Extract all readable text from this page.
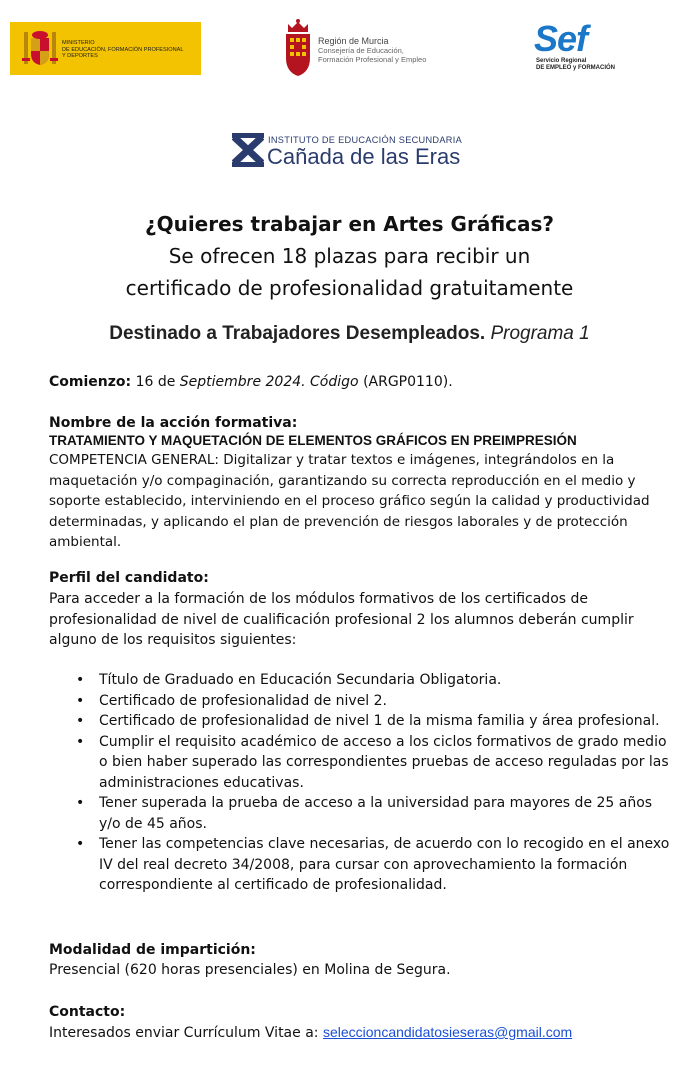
MINISTERIO
DE EDUCACIÓN, FORMACIÓN PROFESIONAL
Y DEPORTES
Región de Murcia
Consejería de Educación,
Formación Profesional y Empleo
Sef
Servicio Regional
DE EMPLEO y FORMACIÓN
INSTITUTO DE EDUCACIÓN SECUNDARIA
Cañada de las Eras
¿Quieres trabajar en Artes Gráficas?
Se ofrecen 18 plazas para recibir un
certificado de profesionalidad gratuitamente
Destinado a Trabajadores Desempleados. Programa 1
Comienzo: 16 de Septiembre 2024. Código (ARGP0110).
Nombre de la acción formativa:
TRATAMIENTO Y MAQUETACIÓN DE ELEMENTOS GRÁFICOS EN PREIMPRESIÓN
COMPETENCIA GENERAL: Digitalizar y tratar textos e imágenes, integrándolos en la maquetación y/o compaginación, garantizando su correcta reproducción en el medio y soporte establecido, interviniendo en el proceso gráfico según la calidad y productividad determinadas, y aplicando el plan de prevención de riesgos laborales y de protección ambiental.
Perfil del candidato:
Para acceder a la formación de los módulos formativos de los certificados de profesionalidad de nivel de cualificación profesional 2 los alumnos deberán cumplir alguno de los requisitos siguientes:
• Título de Graduado en Educación Secundaria Obligatoria.
• Certificado de profesionalidad de nivel 2.
• Certificado de profesionalidad de nivel 1 de la misma familia y área profesional.
• Cumplir el requisito académico de acceso a los ciclos formativos de grado medio o bien haber superado las correspondientes pruebas de acceso reguladas por las administraciones educativas.
• Tener superada la prueba de acceso a la universidad para mayores de 25 años y/o de 45 años.
• Tener las competencias clave necesarias, de acuerdo con lo recogido en el anexo IV del real decreto 34/2008, para cursar con aprovechamiento la formación correspondiente al certificado de profesionalidad.
Modalidad de impartición:
Presencial (620 horas presenciales) en Molina de Segura.
Contacto:
Interesados enviar Currículum Vitae a: seleccioncandidatosieseras@gmail.com
